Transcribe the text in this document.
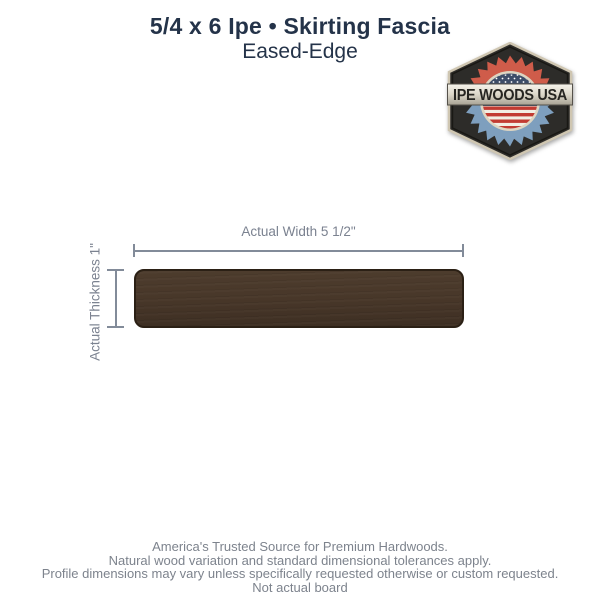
5/4 x 6 Ipe • Skirting Fascia
Eased-Edge
IPE WOODS USA
Actual Width 5 1/2"
Actual Thickness 1"
America's Trusted Source for Premium Hardwoods.
Natural wood variation and standard dimensional tolerances apply.
Profile dimensions may vary unless specifically requested otherwise or custom requested.
Not actual board
